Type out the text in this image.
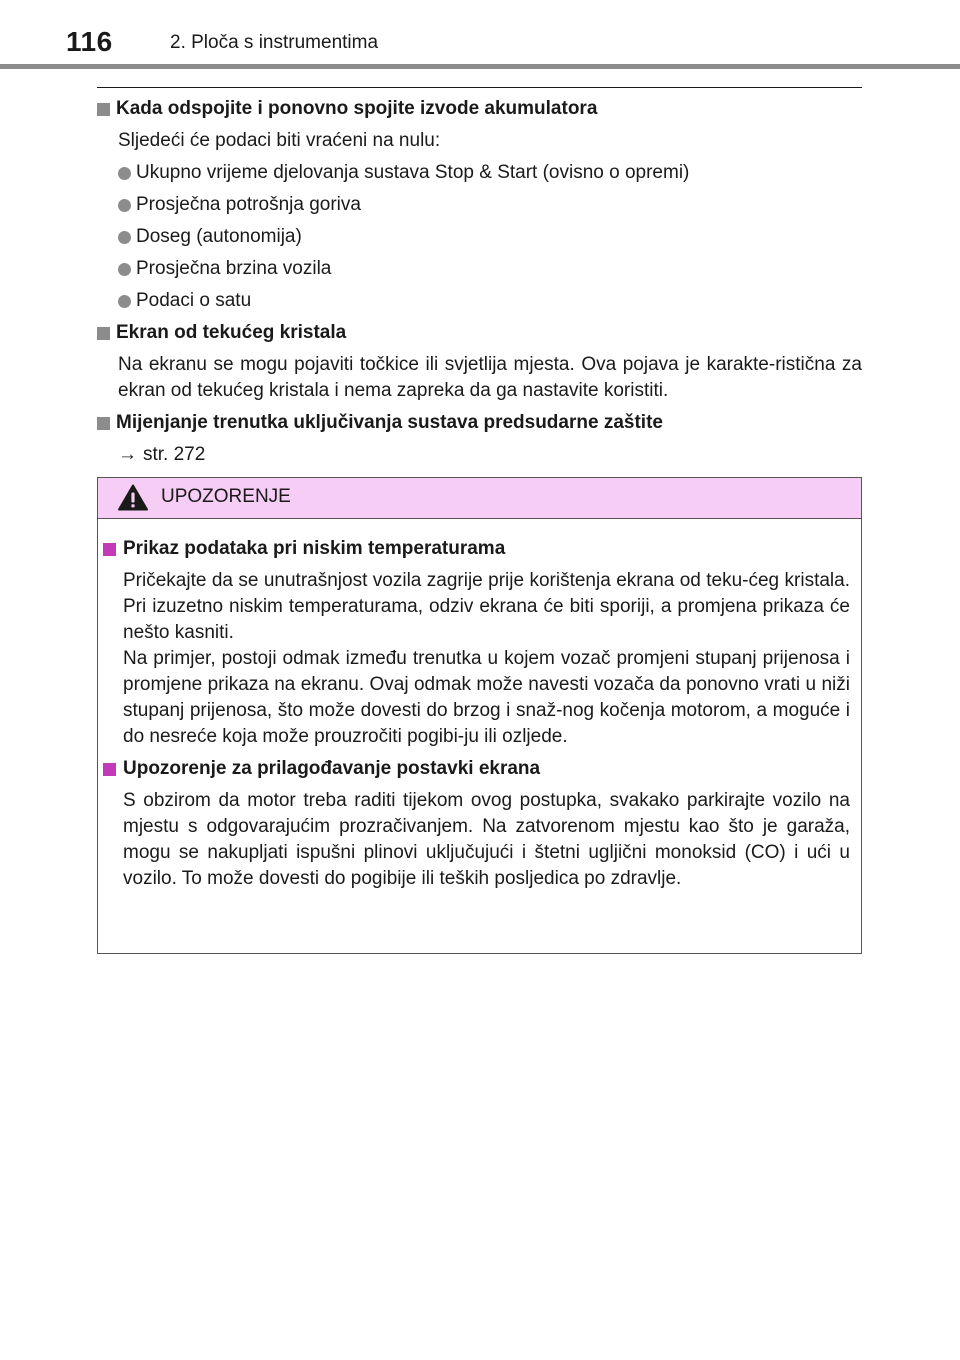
116	2. Ploča s instrumentima
Kada odspojite i ponovno spojite izvode akumulatora
Sljedeći će podaci biti vraćeni na nulu:
Ukupno vrijeme djelovanja sustava Stop & Start (ovisno o opremi)
Prosječna potrošnja goriva
Doseg (autonomija)
Prosječna brzina vozila
Podaci o satu
Ekran od tekućeg kristala
Na ekranu se mogu pojaviti točkice ili svjetlija mjesta. Ova pojava je karakte-ristična za ekran od tekućeg kristala i nema zapreka da ga nastavite koristiti.
Mijenjanje trenutka uključivanja sustava predsudarne zaštite
→ str. 272
UPOZORENJE
Prikaz podataka pri niskim temperaturama
Pričekajte da se unutrašnjost vozila zagrije prije korištenja ekrana od teku-ćeg kristala. Pri izuzetno niskim temperaturama, odziv ekrana će biti sporiji, a promjena prikaza će nešto kasniti.
Na primjer, postoji odmak između trenutka u kojem vozač promjeni stupanj prijenosa i promjene prikaza na ekranu. Ovaj odmak može navesti vozača da ponovno vrati u niži stupanj prijenosa, što može dovesti do brzog i snaž-nog kočenja motorom, a moguće i do nesreće koja može prouzročiti pogibi-ju ili ozljede.
Upozorenje za prilagođavanje postavki ekrana
S obzirom da motor treba raditi tijekom ovog postupka, svakako parkirajte vozilo na mjestu s odgovarajućim prozračivanjem. Na zatvorenom mjestu kao što je garaža, mogu se nakupljati ispušni plinovi uključujući i štetni ugljični monoksid (CO) i ući u vozilo. To može dovesti do pogibije ili teških posljedica po zdravlje.
